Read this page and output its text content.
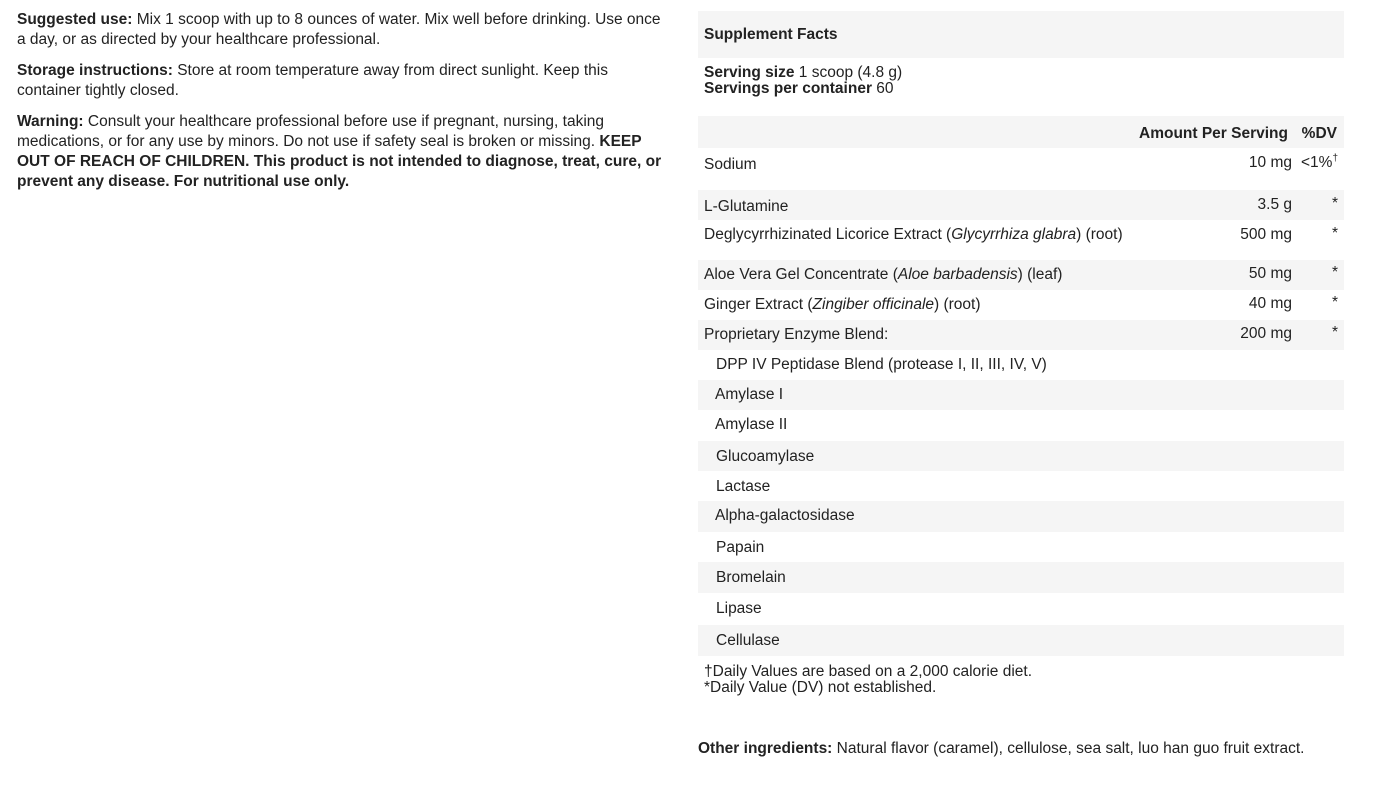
Suggested use: Mix 1 scoop with up to 8 ounces of water. Mix well before drinking. Use once a day, or as directed by your healthcare professional.

Storage instructions: Store at room temperature away from direct sunlight. Keep this container tightly closed.

Warning: Consult your healthcare professional before use if pregnant, nursing, taking medications, or for any use by minors. Do not use if safety seal is broken or missing. KEEP OUT OF REACH OF CHILDREN. This product is not intended to diagnose, treat, cure, or prevent any disease. For nutritional use only.

Supplement Facts
Serving size 1 scoop (4.8 g)
Servings per container 60
Amount Per Serving %DV
Sodium	10 mg <1%†
L-Glutamine	3.5 g	*
Deglycyrrhizinated Licorice Extract (Glycyrrhiza glabra) (root)	500 mg	*
Aloe Vera Gel Concentrate (Aloe barbadensis) (leaf)	50 mg	*
Ginger Extract (Zingiber officinale) (root)	40 mg	*
Proprietary Enzyme Blend:	200 mg	*
DPP IV Peptidase Blend (protease I, II, III, IV, V)
Amylase I
Amylase II
Glucoamylase
Lactase
Alpha-galactosidase
Papain
Bromelain
Lipase
Cellulase
†Daily Values are based on a 2,000 calorie diet.
*Daily Value (DV) not established.
Other ingredients: Natural flavor (caramel), cellulose, sea salt, luo han guo fruit extract.
